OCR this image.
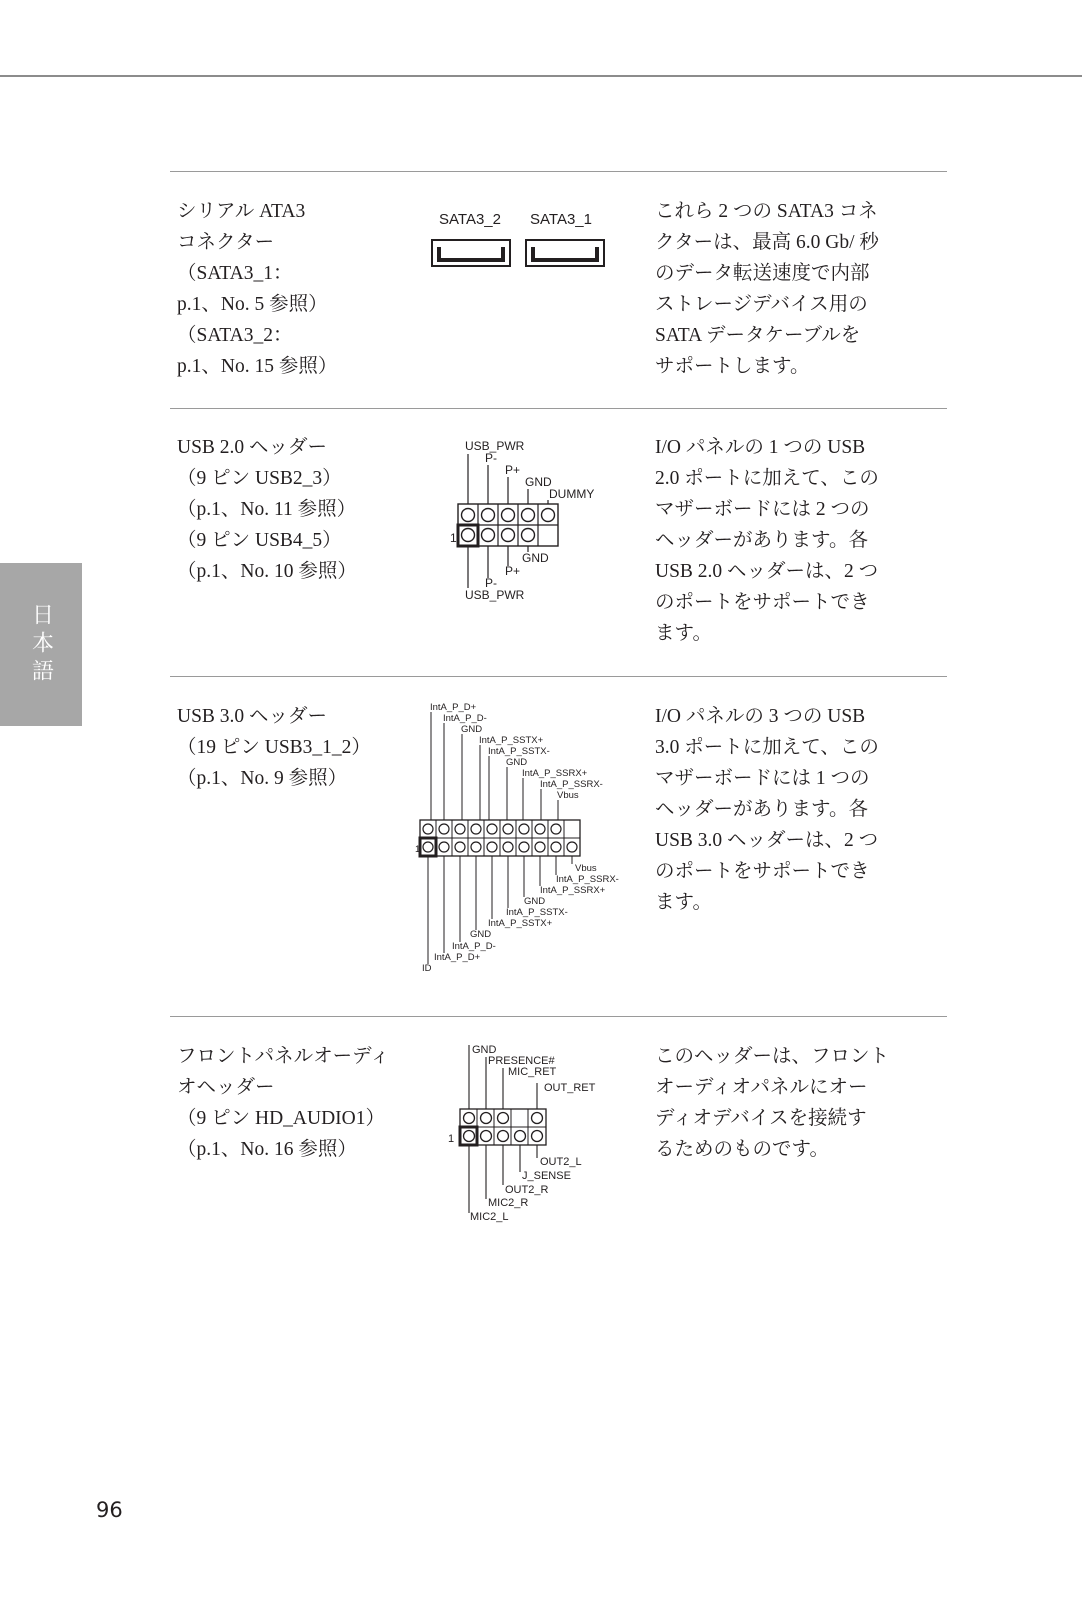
日本語
シリアル ATA3
コネクター
（SATA3_1：
p.1、No. 5 参照）
（SATA3_2：
p.1、No. 15 参照）
SATA3_2 SATA3_1	これら 2 つの SATA3 コネ
クターは、最高 6.0 Gb/ 秒
のデータ転送速度で内部
ストレージデバイス用の
SATA データケーブルを
サポートします。
USB 2.0 ヘッダー
（9 ピン USB2_3）
（p.1、No. 11 参照）
（9 ピン USB4_5）
（p.1、No. 10 参照）
USB_PWR
P-
P+
GND
DUMMY
GND
P+
P-
USB_PWR
1
I/O パネルの 1 つの USB
2.0 ポートに加えて、この
マザーボードには 2 つの
ヘッダーがあります。各
USB 2.0 ヘッダーは、2 つ
のポートをサポートでき
ます。
USB 3.0 ヘッダー
（19 ピン USB3_1_2）
（p.1、No. 9 参照）
IntA_P_D+
IntA_P_D-
GND
IntA_P_SSTX+
IntA_P_SSTX-
GND
IntA_P_SSRX+
IntA_P_SSRX-
Vbus
Vbus
IntA_P_SSRX-
IntA_P_SSRX+
GND
IntA_P_SSTX-
IntA_P_SSTX+
GND
IntA_P_D-
IntA_P_D+
ID
1
I/O パネルの 3 つの USB
3.0 ポートに加えて、この
マザーボードには 1 つの
ヘッダーがあります。各
USB 3.0 ヘッダーは、2 つ
のポートをサポートでき
ます。
フロントパネルオーディ
オヘッダー
（9 ピン HD_AUDIO1）
（p.1、No. 16 参照）
GND
PRESENCE#
MIC_RET
OUT_RET
OUT2_L
J_SENSE
OUT2_R
MIC2_R
MIC2_L
1
このヘッダーは、フロント
オーディオパネルにオー
ディオデバイスを接続す
るためのものです。
96
